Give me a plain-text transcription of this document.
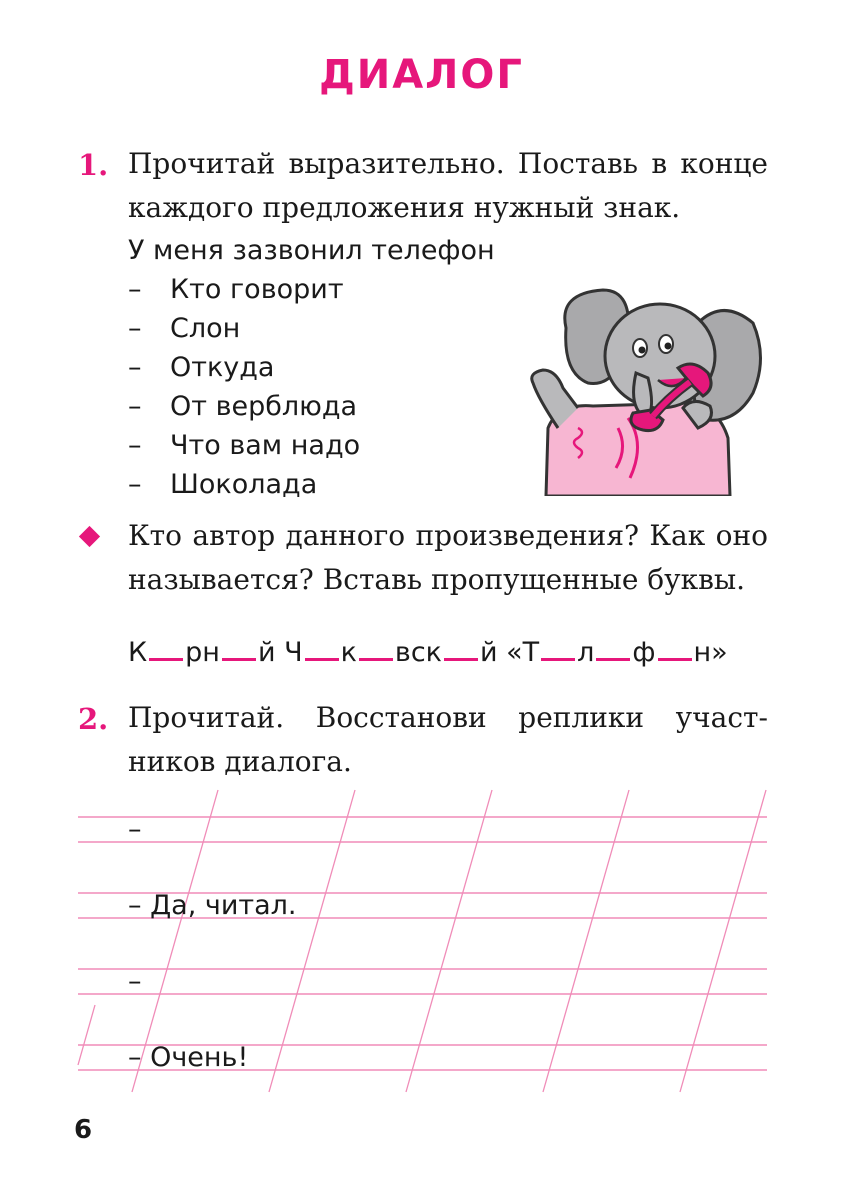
ДИАЛОГ
1. Прочитай выразительно. Поставь в конце каждого предложения нужный знак.
У меня зазвонил телефон
– Кто говорит
– Слон
– Откуда
– От верблюда
– Что вам надо
– Шоколада
Кто автор данного произведения? Как оно называется? Вставь пропущенные буквы.
К рн й Ч к вск й «Т л ф н»
2. Прочитай. Восстанови реплики участников диалога.
–
– Да, читал.
–
– Очень!
6
